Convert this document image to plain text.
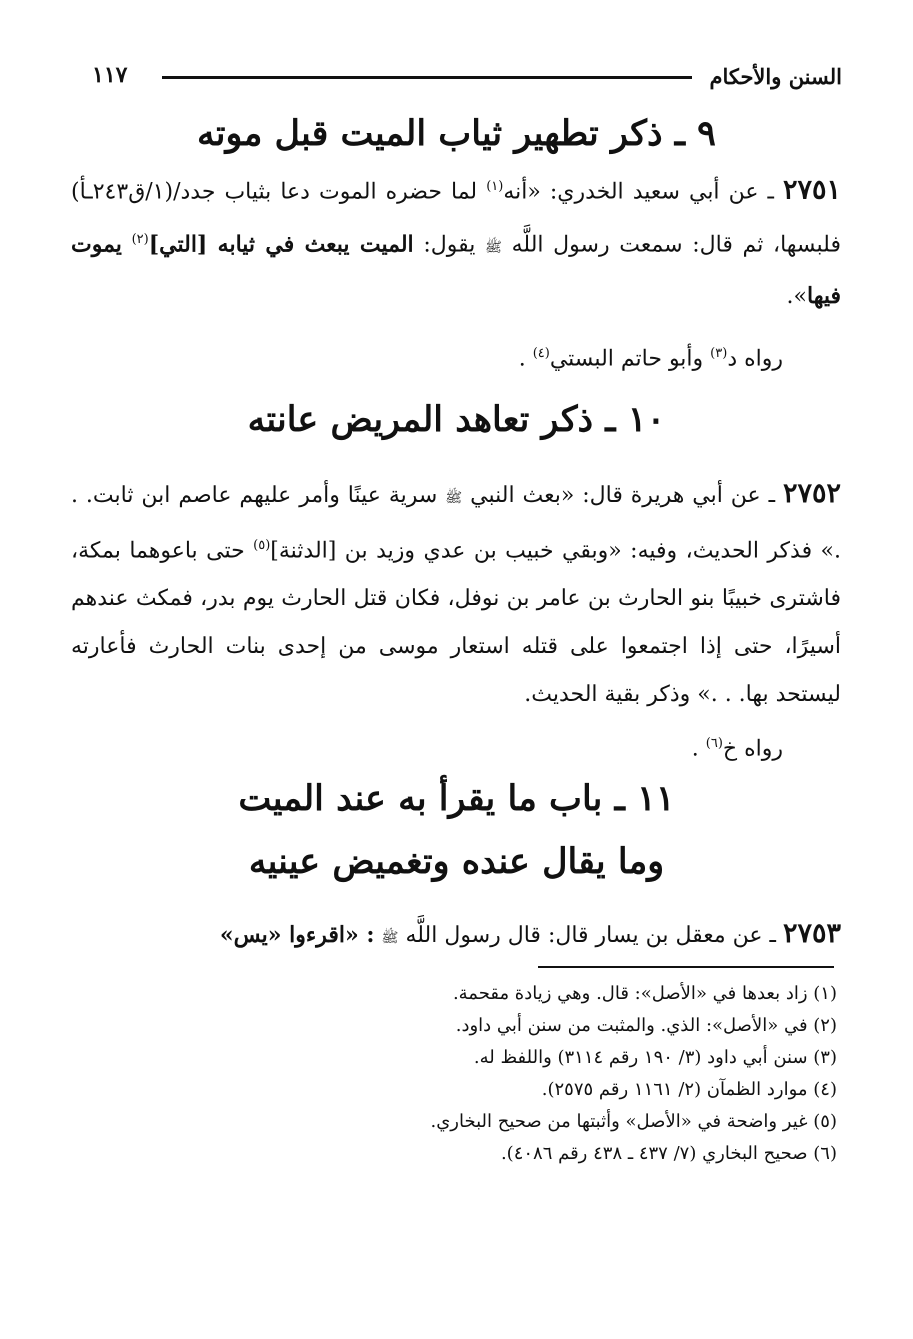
السنن والأحكام
١١٧
٩ ـ ذكر تطهير ثياب الميت قبل موته

٢٧٥١ ـ عن أبي سعيد الخدري: «أنه$^{(١)}$ لما حضره الموت دعا بثياب جدد/(١/ق٢٤٣ـأ) فلبسها، ثم قال: سمعت رسول اللَّه ﷺ يقول: الميت يبعث في ثيابه [التي]$^{(٢)}$ يموت فيها».

رواه د$^{(٣)}$ وأبو حاتم البستي$^{(٤)}$ .
١٠ ـ ذكر تعاهد المريض عانته

٢٧٥٢ ـ عن أبي هريرة قال: «بعث النبي ﷺ سرية عينًا وأمر عليهم عاصم ابن ثابت. . .» فذكر الحديث، وفيه: «وبقي خبيب بن عدي وزيد بن [الدثنة]$^{(٥)}$ حتى باعوهما بمكة، فاشترى خبيبًا بنو الحارث بن عامر بن نوفل، فكان قتل الحارث يوم بدر، فمكث عندهم أسيرًا، حتى إذا اجتمعوا على قتله استعار موسى من إحدى بنات الحارث فأعارته ليستحد بها. . .» وذكر بقية الحديث.

رواه خ$^{(٦)}$ .
١١ ـ باب ما يقرأ به عند الميت
وما يقال عنده وتغميض عينيه

٢٧٥٣ ـ عن معقل بن يسار قال: قال رسول اللَّه ﷺ : «اقرءوا «يس»

(١) زاد بعدها في «الأصل»: قال. وهي زيادة مقحمة.
(٢) في «الأصل»: الذي. والمثبت من سنن أبي داود.
(٣) سنن أبي داود (٣/ ١٩٠ رقم ٣١١٤) واللفظ له.
(٤) موارد الظمآن (٢/ ١١٦١ رقم ٢٥٧٥).
(٥) غير واضحة في «الأصل» وأثبتها من صحيح البخاري.
(٦) صحيح البخاري (٧/ ٤٣٧ ـ ٤٣٨ رقم ٤٠٨٦).
